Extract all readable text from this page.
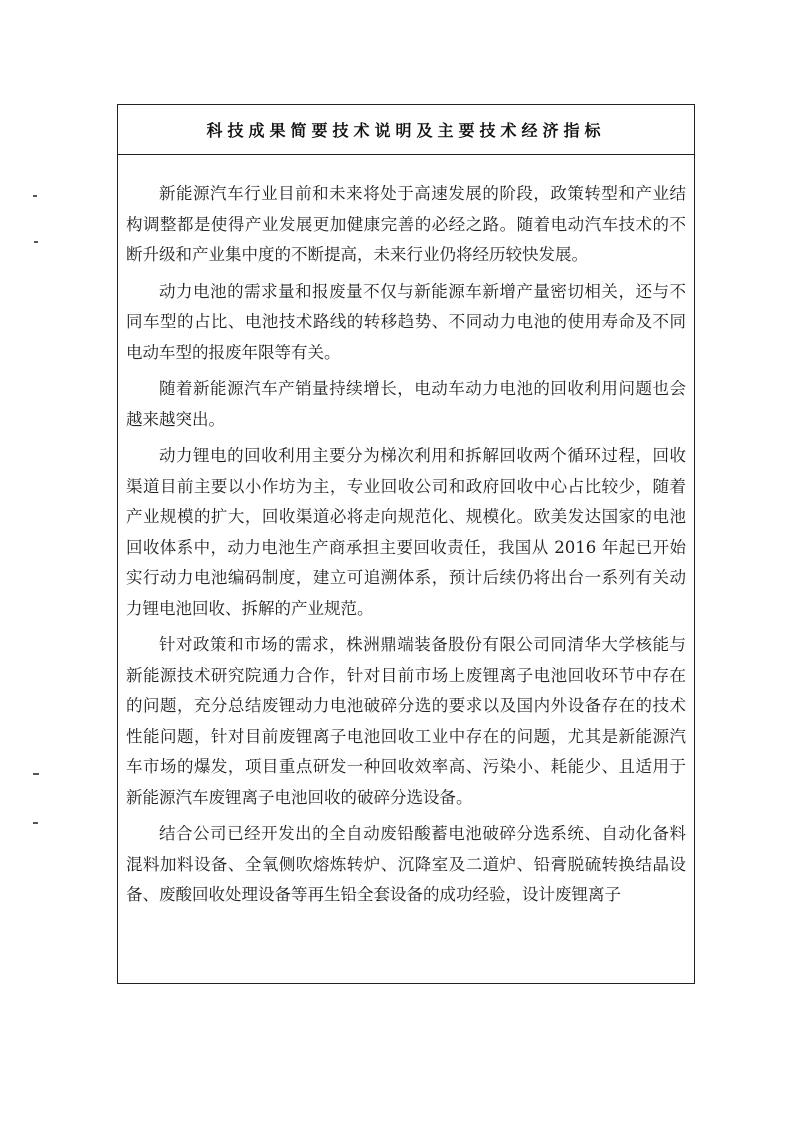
科技成果简要技术说明及主要技术经济指标

新能源汽车行业目前和未来将处于高速发展的阶段，政策转型和产业结构调整都是使得产业发展更加健康完善的必经之路。随着电动汽车技术的不断升级和产业集中度的不断提高，未来行业仍将经历较快发展。

动力电池的需求量和报废量不仅与新能源车新增产量密切相关，还与不同车型的占比、电池技术路线的转移趋势、不同动力电池的使用寿命及不同电动车型的报废年限等有关。

随着新能源汽车产销量持续增长，电动车动力电池的回收利用问题也会越来越突出。

动力锂电的回收利用主要分为梯次利用和拆解回收两个循环过程，回收渠道目前主要以小作坊为主，专业回收公司和政府回收中心占比较少，随着产业规模的扩大，回收渠道必将走向规范化、规模化。欧美发达国家的电池回收体系中，动力电池生产商承担主要回收责任，我国从 2016 年起已开始实行动力电池编码制度，建立可追溯体系，预计后续仍将出台一系列有关动力锂电池回收、拆解的产业规范。

针对政策和市场的需求，株洲鼎端装备股份有限公司同清华大学核能与新能源技术研究院通力合作，针对目前市场上废锂离子电池回收环节中存在的问题，充分总结废锂动力电池破碎分选的要求以及国内外设备存在的技术性能问题，针对目前废锂离子电池回收工业中存在的问题，尤其是新能源汽车市场的爆发，项目重点研发一种回收效率高、污染小、耗能少、且适用于新能源汽车废锂离子电池回收的破碎分选设备。

结合公司已经开发出的全自动废铅酸蓄电池破碎分选系统、自动化备料混料加料设备、全氧侧吹熔炼转炉、沉降室及二道炉、铅膏脱硫转换结晶设备、废酸回收处理设备等再生铅全套设备的成功经验，设计废锂离子
